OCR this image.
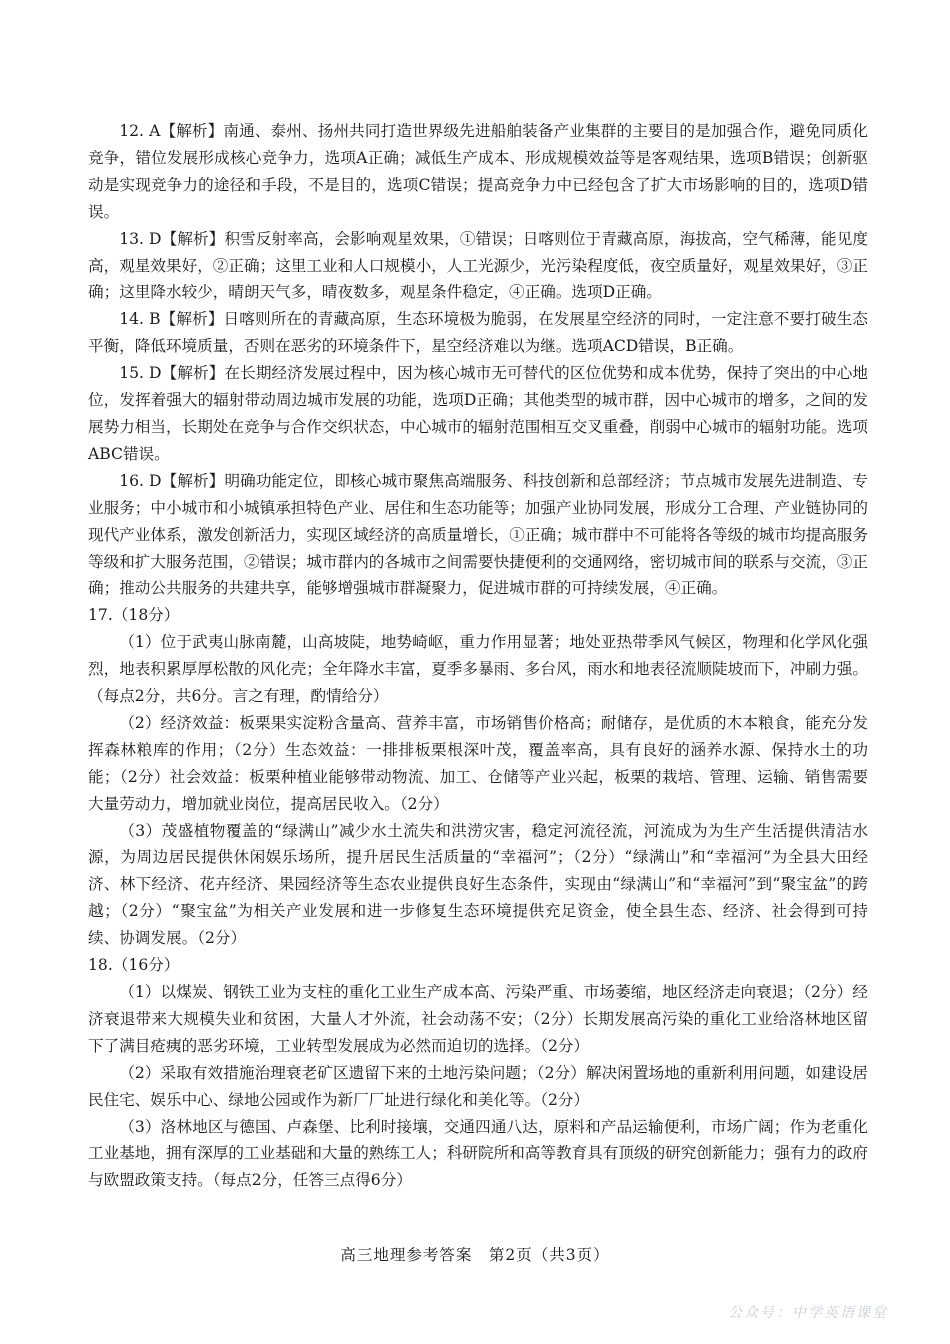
12. A【解析】南通、泰州、扬州共同打造世界级先进船舶装备产业集群的主要目的是加强合作，避免同质化竞争，错位发展形成核心竞争力，选项A正确；减低生产成本、形成规模效益等是客观结果，选项B错误；创新驱动是实现竞争力的途径和手段，不是目的，选项C错误；提高竞争力中已经包含了扩大市场影响的目的，选项D错误。

13. D【解析】积雪反射率高，会影响观星效果，①错误；日喀则位于青藏高原，海拔高，空气稀薄，能见度高，观星效果好，②正确；这里工业和人口规模小，人工光源少，光污染程度低，夜空质量好，观星效果好，③正确；这里降水较少，晴朗天气多，晴夜数多，观星条件稳定，④正确。选项D正确。

14. B【解析】日喀则所在的青藏高原，生态环境极为脆弱，在发展星空经济的同时，一定注意不要打破生态平衡，降低环境质量，否则在恶劣的环境条件下，星空经济难以为继。选项ACD错误，B正确。

15. D【解析】在长期经济发展过程中，因为核心城市无可替代的区位优势和成本优势，保持了突出的中心地位，发挥着强大的辐射带动周边城市发展的功能，选项D正确；其他类型的城市群，因中心城市的增多，之间的发展势力相当，长期处在竞争与合作交织状态，中心城市的辐射范围相互交叉重叠，削弱中心城市的辐射功能。选项ABC错误。

16. D【解析】明确功能定位，即核心城市聚焦高端服务、科技创新和总部经济；节点城市发展先进制造、专业服务；中小城市和小城镇承担特色产业、居住和生态功能等；加强产业协同发展，形成分工合理、产业链协同的现代产业体系，激发创新活力，实现区域经济的高质量增长，①正确；城市群中不可能将各等级的城市均提高服务等级和扩大服务范围，②错误；城市群内的各城市之间需要快捷便利的交通网络，密切城市间的联系与交流，③正确；推动公共服务的共建共享，能够增强城市群凝聚力，促进城市群的可持续发展，④正确。

17.（18分）

（1）位于武夷山脉南麓，山高坡陡，地势崎岖，重力作用显著；地处亚热带季风气候区，物理和化学风化强烈，地表积累厚厚松散的风化壳；全年降水丰富，夏季多暴雨、多台风，雨水和地表径流顺陡坡而下，冲刷力强。（每点2分，共6分。言之有理，酌情给分）

（2）经济效益：板栗果实淀粉含量高、营养丰富，市场销售价格高；耐储存，是优质的木本粮食，能充分发挥森林粮库的作用；（2分）生态效益：一排排板栗根深叶茂，覆盖率高，具有良好的涵养水源、保持水土的功能；（2分）社会效益：板栗种植业能够带动物流、加工、仓储等产业兴起，板栗的栽培、管理、运输、销售需要大量劳动力，增加就业岗位，提高居民收入。（2分）

（3）茂盛植物覆盖的“绿满山”减少水土流失和洪涝灾害，稳定河流径流，河流成为为生产生活提供清洁水源，为周边居民提供休闲娱乐场所，提升居民生活质量的“幸福河”；（2分）“绿满山”和“幸福河”为全县大田经济、林下经济、花卉经济、果园经济等生态农业提供良好生态条件，实现由“绿满山”和“幸福河”到“聚宝盆”的跨越；（2分）“聚宝盆”为相关产业发展和进一步修复生态环境提供充足资金，使全县生态、经济、社会得到可持续、协调发展。（2分）

18.（16分）

（1）以煤炭、钢铁工业为支柱的重化工业生产成本高、污染严重、市场萎缩，地区经济走向衰退；（2分）经济衰退带来大规模失业和贫困，大量人才外流，社会动荡不安；（2分）长期发展高污染的重化工业给洛林地区留下了满目疮痍的恶劣环境，工业转型发展成为必然而迫切的选择。（2分）

（2）采取有效措施治理衰老矿区遗留下来的土地污染问题；（2分）解决闲置场地的重新利用问题，如建设居民住宅、娱乐中心、绿地公园或作为新厂厂址进行绿化和美化等。（2分）

（3）洛林地区与德国、卢森堡、比利时接壤，交通四通八达，原料和产品运输便利，市场广阔；作为老重化工业基地，拥有深厚的工业基础和大量的熟练工人；科研院所和高等教育具有顶级的研究创新能力；强有力的政府与欧盟政策支持。（每点2分，任答三点得6分）

高三地理参考答案　第2页（共3页）
公众号：中学英语课堂
